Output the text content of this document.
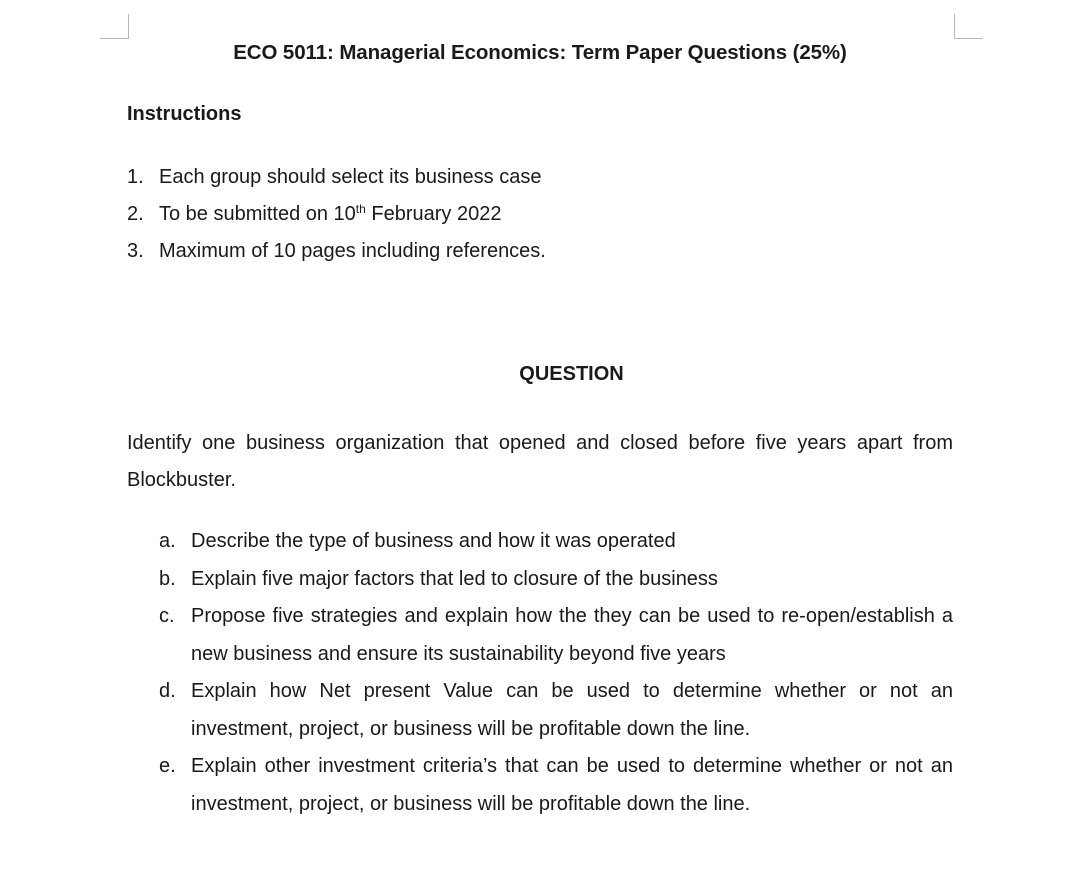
ECO 5011: Managerial Economics: Term Paper Questions (25%)
Instructions
1. Each group should select its business case
2. To be submitted on 10th February 2022
3. Maximum of 10 pages including references.
QUESTION

Identify one business organization that opened and closed before five years apart from Blockbuster.

a. Describe the type of business and how it was operated
b. Explain five major factors that led to closure of the business
c. Propose five strategies and explain how the they can be used to re-open/establish a new business and ensure its sustainability beyond five years
d. Explain how Net present Value can be used to determine whether or not an investment, project, or business will be profitable down the line.
e. Explain other investment criteria’s that can be used to determine whether or not an investment, project, or business will be profitable down the line.
